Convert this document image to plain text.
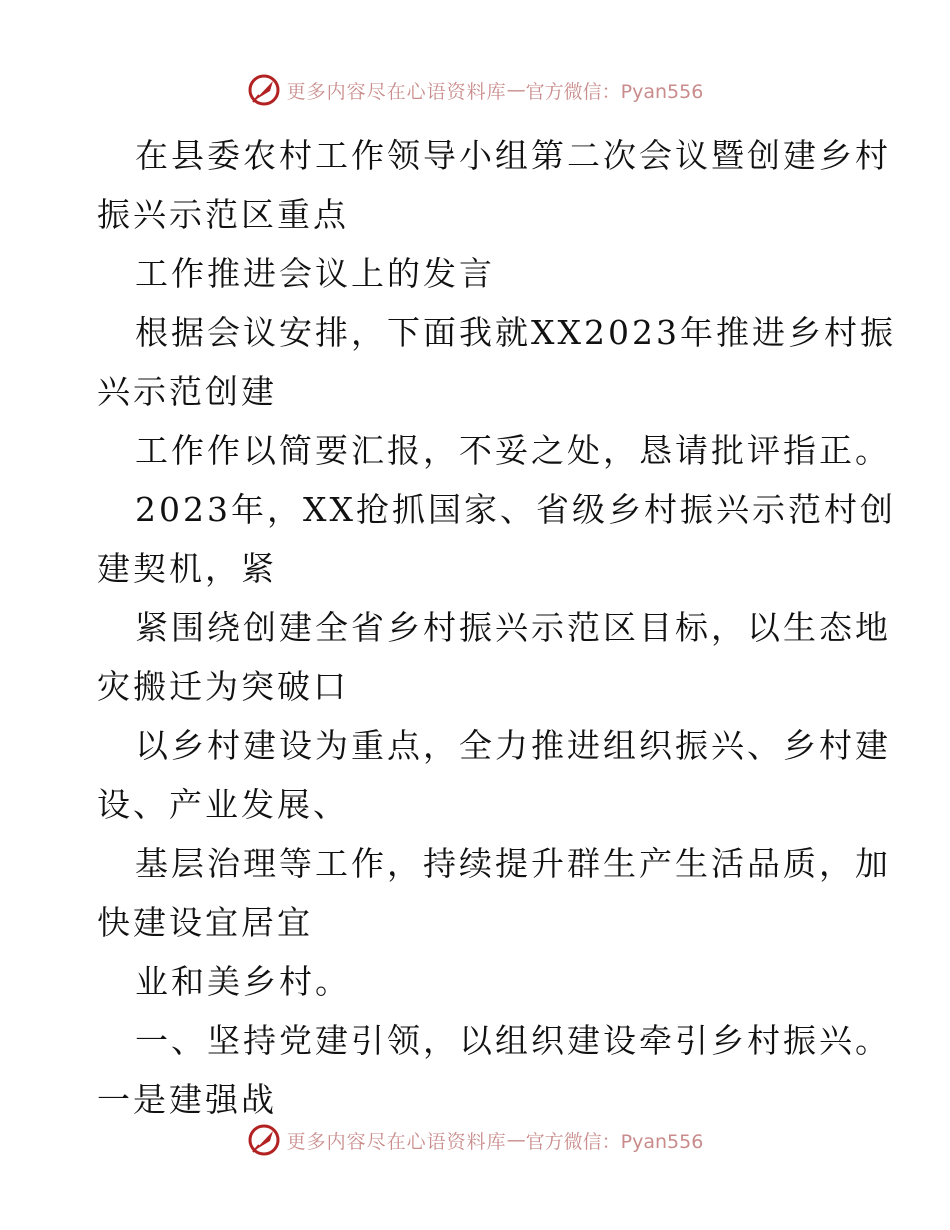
更多内容尽在心语资料库 — 官方微信：Pyan556
在县委农村工作领导小组第二次会议暨创建乡村
振兴示范区重点
工作推进会议上的发言
根据会议安排，下面我就XX2023年推进乡村振
兴示范创建
工作作以简要汇报，不妥之处，恳请批评指正。
2023年，XX抢抓国家、省级乡村振兴示范村创
建契机，紧
紧围绕创建全省乡村振兴示范区目标，以生态地
灾搬迁为突破口
以乡村建设为重点，全力推进组织振兴、乡村建
设、产业发展、
基层治理等工作，持续提升群生产生活品质，加
快建设宜居宜
业和美乡村。
一、坚持党建引领，以组织建设牵引乡村振兴。
一是建强战
更多内容尽在心语资料库 — 官方微信：Pyan556
